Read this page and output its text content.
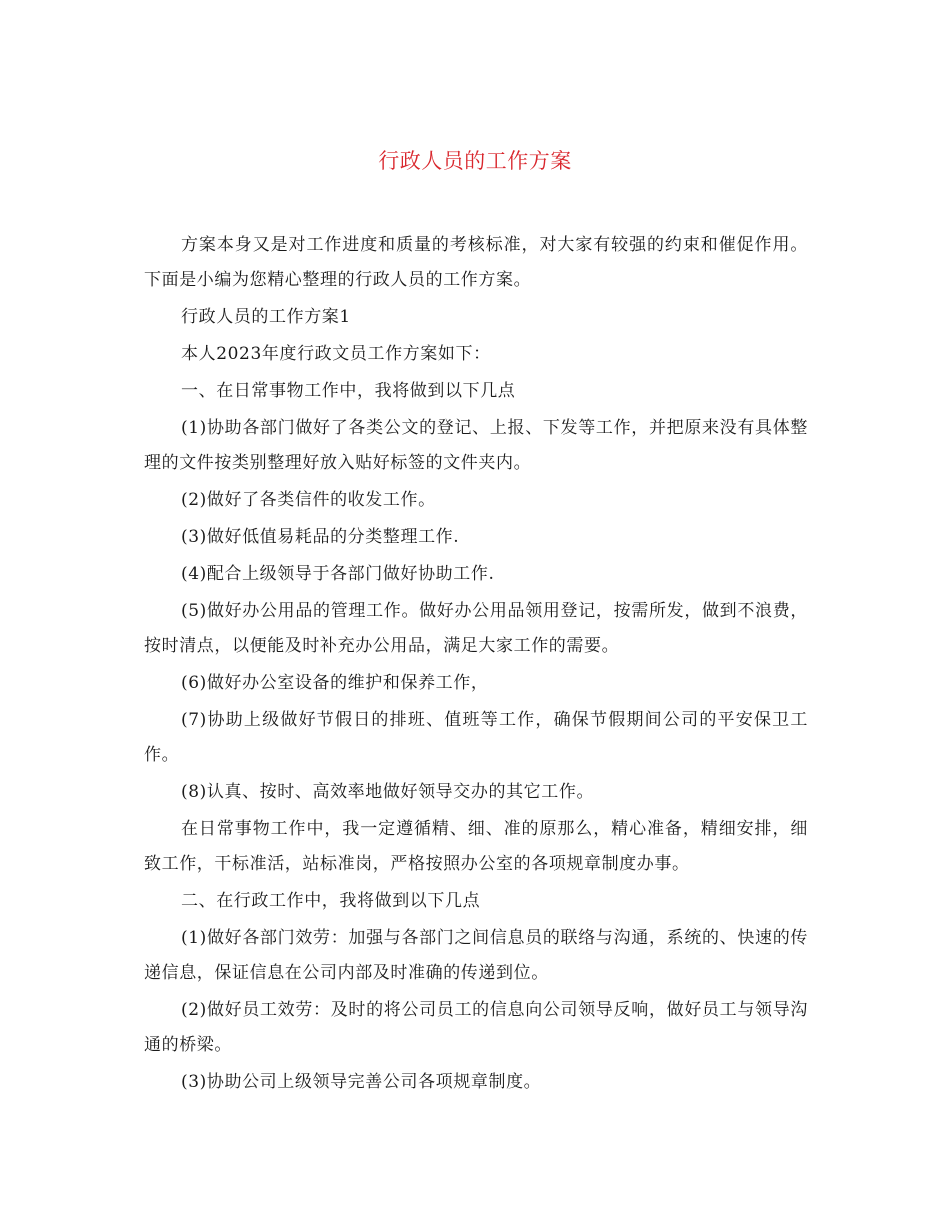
行政人员的工作方案

方案本身又是对工作进度和质量的考核标准，对大家有较强的约束和催促作用。下面是小编为您精心整理的行政人员的工作方案。

行政人员的工作方案1

本人2023年度行政文员工作方案如下：

一、在日常事物工作中，我将做到以下几点

(1)协助各部门做好了各类公文的登记、上报、下发等工作，并把原来没有具体整理的文件按类别整理好放入贴好标签的文件夹内。

(2)做好了各类信件的收发工作。

(3)做好低值易耗品的分类整理工作.

(4)配合上级领导于各部门做好协助工作.

(5)做好办公用品的管理工作。做好办公用品领用登记，按需所发，做到不浪费，按时清点，以便能及时补充办公用品，满足大家工作的需要。

(6)做好办公室设备的维护和保养工作，

(7)协助上级做好节假日的排班、值班等工作，确保节假期间公司的平安保卫工作。

(8)认真、按时、高效率地做好领导交办的其它工作。

在日常事物工作中，我一定遵循精、细、准的原那么，精心准备，精细安排，细致工作，干标准活，站标准岗，严格按照办公室的各项规章制度办事。

二、在行政工作中，我将做到以下几点

(1)做好各部门效劳：加强与各部门之间信息员的联络与沟通，系统的、快速的传递信息，保证信息在公司内部及时准确的传递到位。

(2)做好员工效劳：及时的将公司员工的信息向公司领导反响，做好员工与领导沟通的桥梁。

(3)协助公司上级领导完善公司各项规章制度。
